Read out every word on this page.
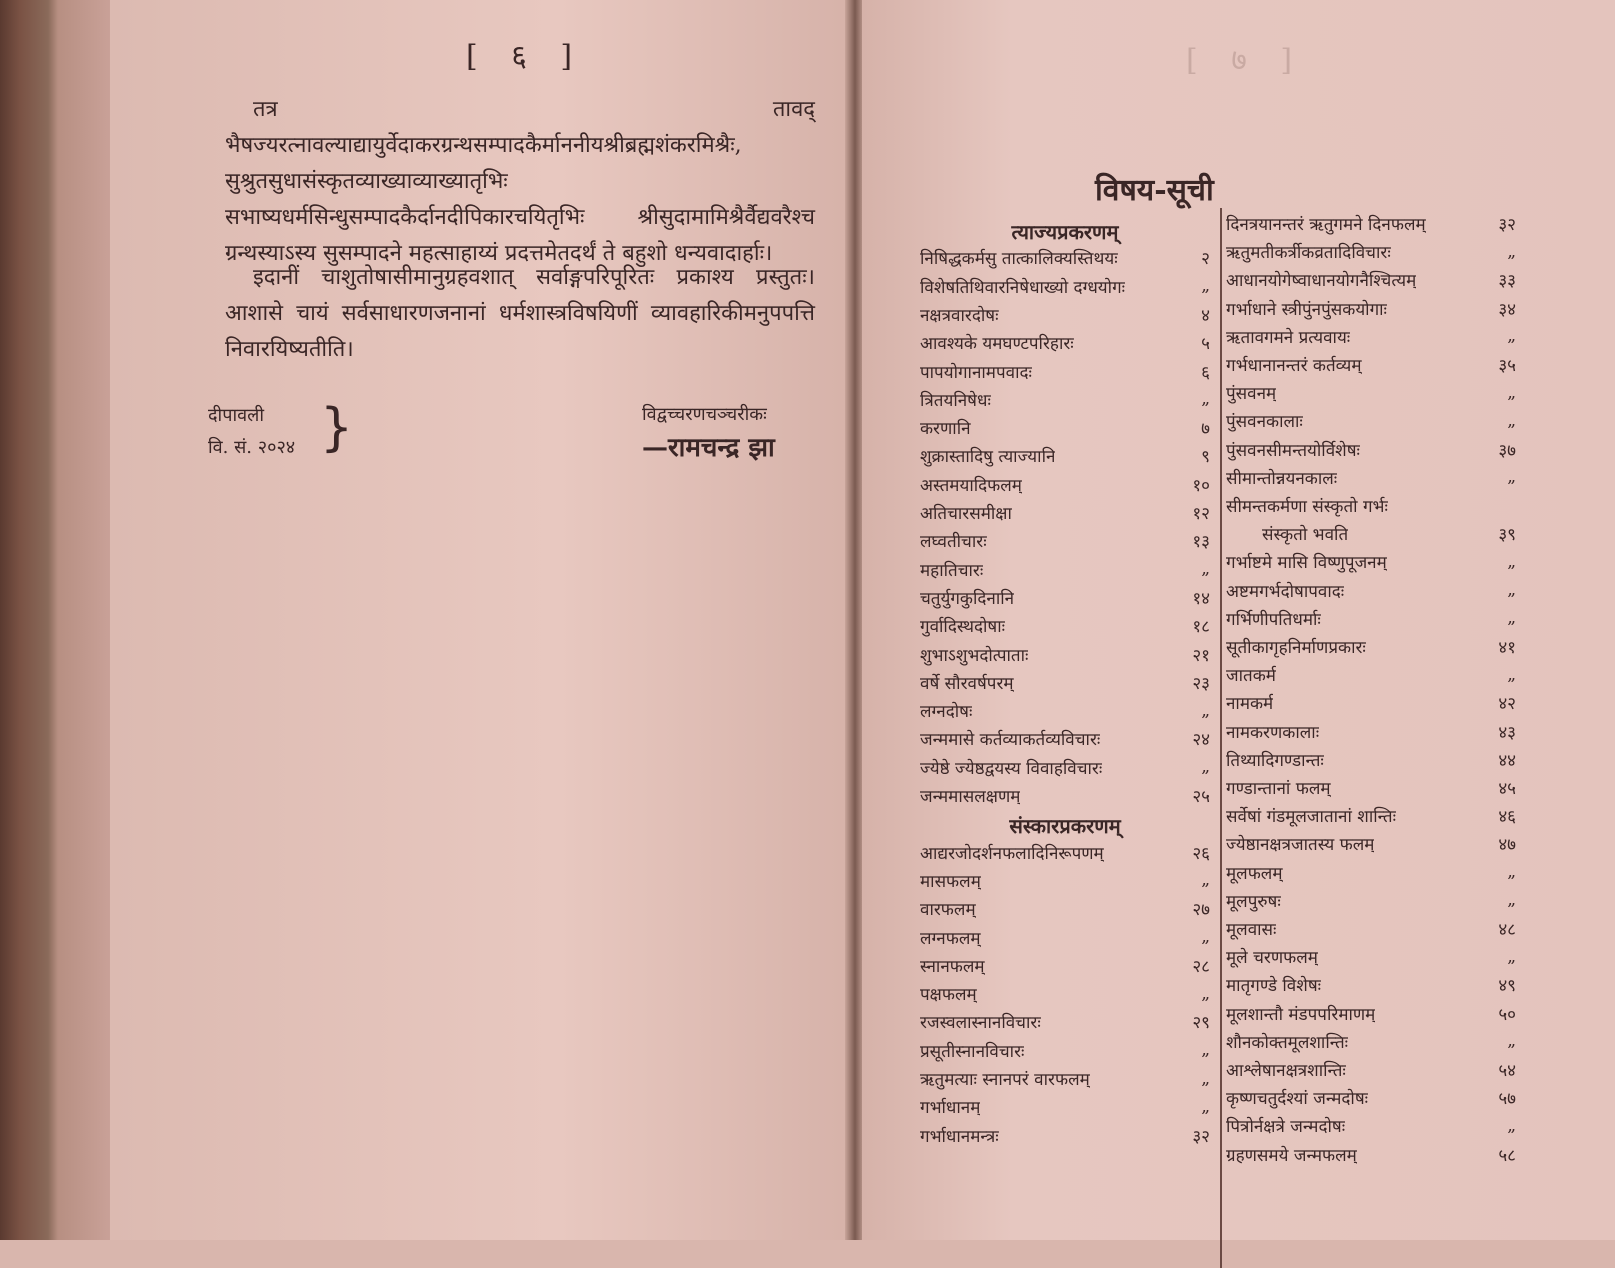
[ ६ ]
तत्र तावद् भैषज्यरत्नावल्याद्यायुर्वेदाकरग्रन्थसम्पादकैर्माननीयश्रीब्रह्मशंकरमिश्रैः, सुश्रुतसुधासंस्कृतव्याख्याव्याख्यातृभिः सभाष्यधर्मसिन्धुसम्पादकैर्दानदीपिकारचयितृभिः श्रीसुदामामिश्रैर्वैद्यवरैश्च ग्रन्थस्याऽस्य सुसम्पादने महत्साहाय्यं प्रदत्तमेतदर्थं ते बहुशो धन्यवादार्हाः।
इदानीं चाशुतोषासीमानुग्रहवशात् सर्वाङ्गपरिपूरितः प्रकाश्य प्रस्तुतः। आशासे चायं सर्वसाधारणजनानां धर्मशास्त्रविषयिणीं व्यावहारिकीमनुपपत्ति निवारयिष्यतीति।
दीपावली
वि. सं. २०२४ }	विद्वच्चरणचञ्चरीकः
—रामचन्द्र झा
[ ७ ]
विषय-सूची
त्याज्यप्रकरणम्
निषिद्धकर्मसु तात्कालिक्यस्तिथयः	२
विशेषतिथिवारनिषेधाख्यो दग्धयोगः	„
नक्षत्रवारदोषः	४
आवश्यके यमघण्टपरिहारः	५
पापयोगानामपवादः	६
त्रितयनिषेधः	„
करणानि	७
शुक्रास्तादिषु त्याज्यानि	९
अस्तमयादिफलम्	१०
अतिचारसमीक्षा	१२
लघ्वतीचारः	१३
महातिचारः	„
चतुर्युगकुदिनानि	१४
गुर्वादिस्थदोषाः	१८
शुभाऽशुभदोत्पाताः	२१
वर्षे सौरवर्षपरम्	२३
लग्नदोषः	„
जन्ममासे कर्तव्याकर्तव्यविचारः	२४
ज्येष्ठे ज्येष्ठद्वयस्य विवाहविचारः	„
जन्ममासलक्षणम्	२५
संस्कारप्रकरणम्
आद्यरजोदर्शनफलादिनिरूपणम्	२६
मासफलम्	„
वारफलम्	२७
लग्नफलम्	„
स्नानफलम्	२८
पक्षफलम्	„
रजस्वलास्नानविचारः	२९
प्रसूतीस्नानविचारः	„
ऋतुमत्याः स्नानपरं वारफलम्	„
गर्भाधानम्	„
गर्भाधानमन्त्रः	३२
दिनत्रयानन्तरं ऋतुगमने दिनफलम्	३२
ऋतुमतीकर्त्रीकव्रतादिविचारः	„
आधानयोगेष्वाधानयोगनैश्चित्यम्	३३
गर्भाधाने स्त्रीपुंनपुंसकयोगाः	३४
ऋतावगमने प्रत्यवायः	„
गर्भधानानन्तरं कर्तव्यम्	३५
पुंसवनम्	„
पुंसवनकालाः	„
पुंसवनसीमन्तयोर्विशेषः	३७
सीमान्तोन्नयनकालः	„
सीमन्तकर्मणा संस्कृतो गर्भः
संस्कृतो भवति	३९
गर्भाष्टमे मासि विष्णुपूजनम्	„
अष्टमगर्भदोषापवादः	„
गर्भिणीपतिधर्माः	„
सूतीकागृहनिर्माणप्रकारः	४१
जातकर्म	„
नामकर्म	४२
नामकरणकालाः	४३
तिथ्यादिगण्डान्तः	४४
गण्डान्तानां फलम्	४५
सर्वेषां गंडमूलजातानां शान्तिः	४६
ज्येष्ठानक्षत्रजातस्य फलम्	४७
मूलफलम्	„
मूलपुरुषः	„
मूलवासः	४८
मूले चरणफलम्	„
मातृगण्डे विशेषः	४९
मूलशान्तौ मंडपपरिमाणम्	५०
शौनकोक्तमूलशान्तिः	„
आश्लेषानक्षत्रशान्तिः	५४
कृष्णचतुर्दश्यां जन्मदोषः	५७
पित्रोर्नक्षत्रे जन्मदोषः	„
ग्रहणसमये जन्मफलम्	५८
